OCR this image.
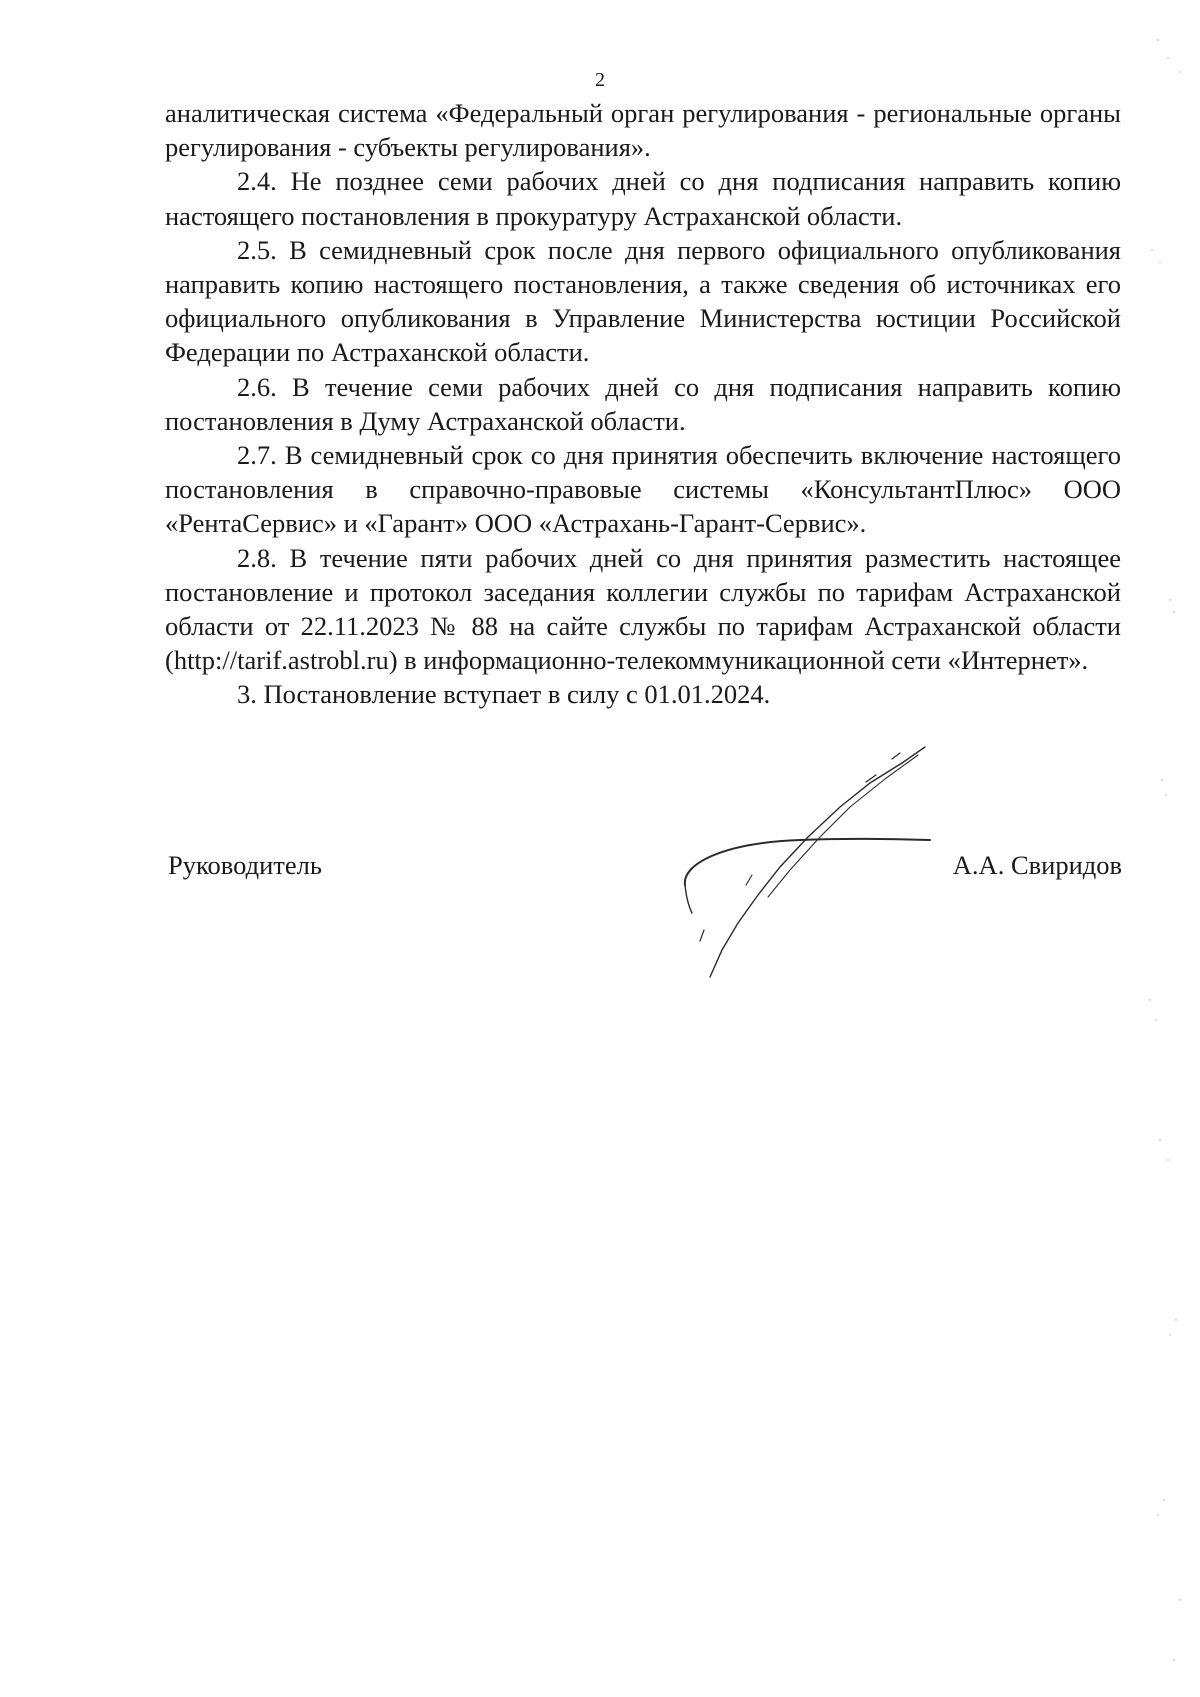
2

аналитическая система «Федеральный орган регулирования - региональные органы регулирования - субъекты регулирования».

2.4. Не позднее семи рабочих дней со дня подписания направить копию настоящего постановления в прокуратуру Астраханской области.

2.5. В семидневный срок после дня первого официального опубликования направить копию настоящего постановления, а также сведения об источниках его официального опубликования в Управление Министерства юстиции Российской Федерации по Астраханской области.

2.6. В течение семи рабочих дней со дня подписания направить копию постановления в Думу Астраханской области.

2.7. В семидневный срок со дня принятия обеспечить включение настоящего постановления в справочно-правовые системы «КонсультантПлюс» ООО «РентаСервис» и «Гарант» ООО «Астрахань-Гарант-Сервис».

2.8. В течение пяти рабочих дней со дня принятия разместить настоящее постановление и протокол заседания коллегии службы по тарифам Астраханской области от 22.11.2023 № 88 на сайте службы по тарифам Астраханской области (http://tarif.astrobl.ru) в информационно-телекоммуникационной сети «Интернет».

3. Постановление вступает в силу с 01.01.2024.

Руководитель	А.А. Свиридов
